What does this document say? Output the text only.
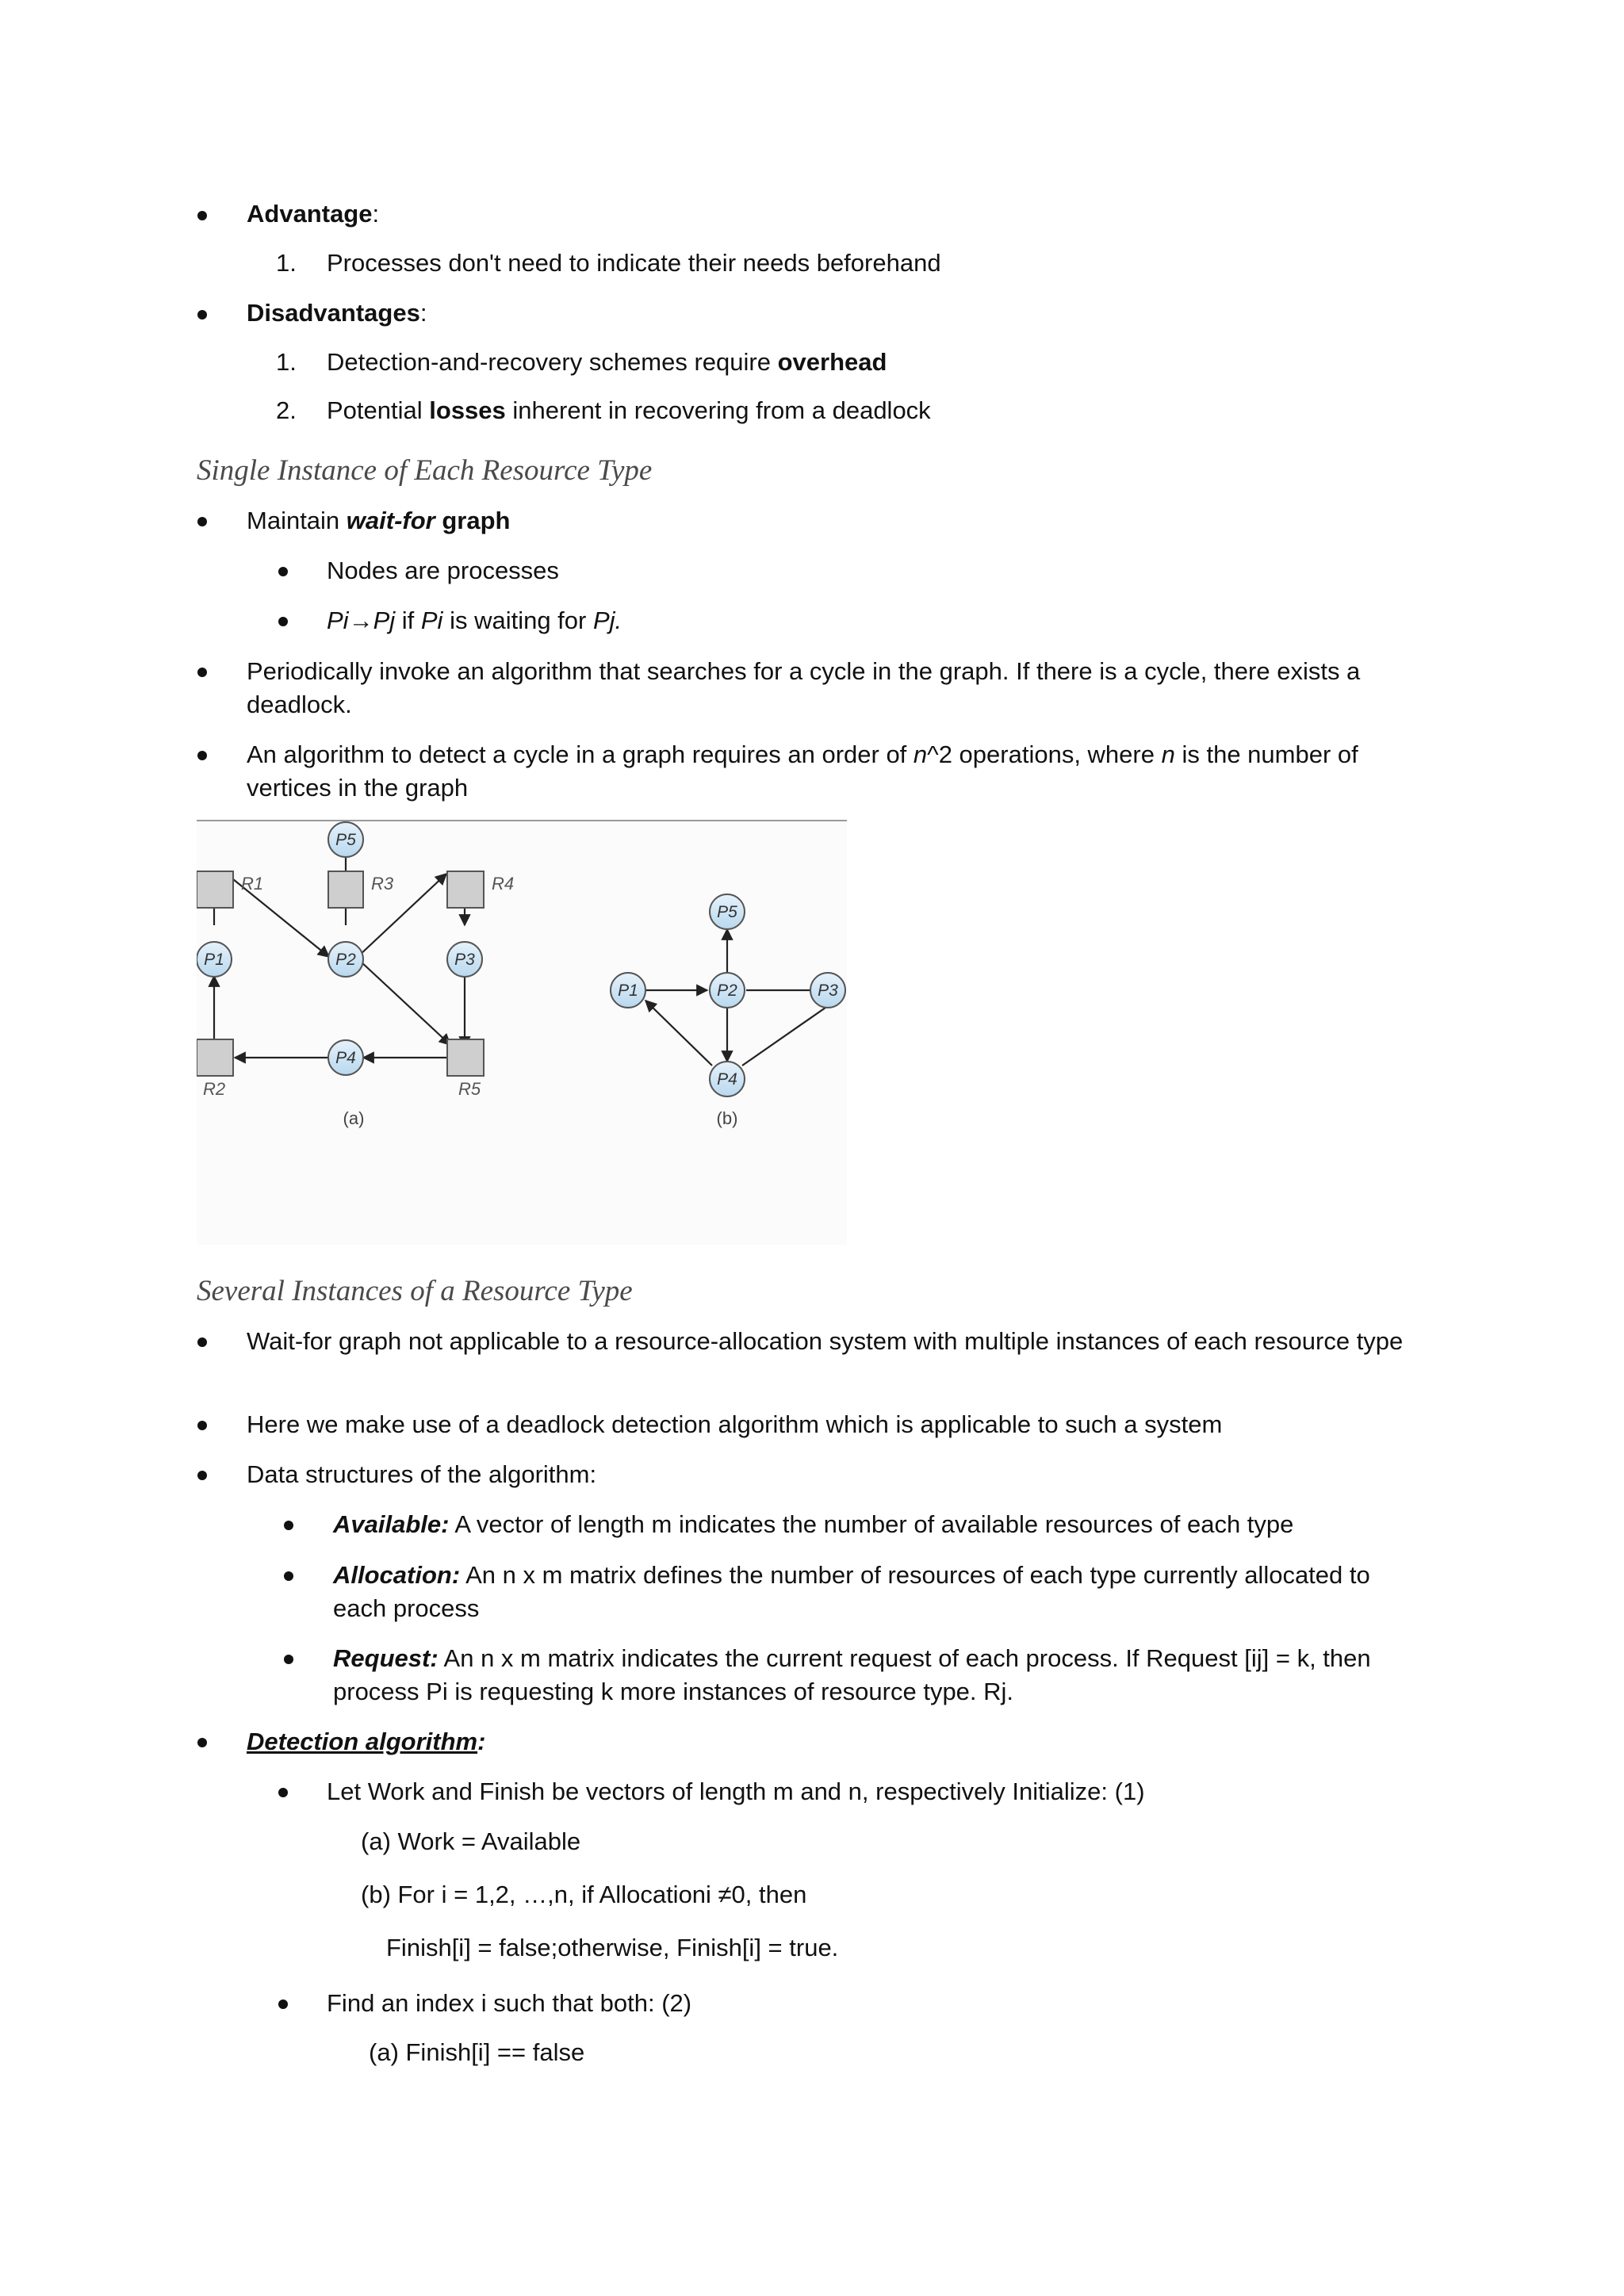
Advantage:
1. Processes don't need to indicate their needs beforehand
Disadvantages:
1. Detection-and-recovery schemes require overhead
2. Potential losses inherent in recovering from a deadlock
Single Instance of Each Resource Type
Maintain wait-for graph
Nodes are processes
Pi→Pj if Pi is waiting for Pj.
Periodically invoke an algorithm that searches for a cycle in the graph. If there is a cycle, there exists a deadlock.
An algorithm to detect a cycle in a graph requires an order of n^2 operations, where n is the number of vertices in the graph
R1	R3	R4
R2	R5
P5
P1	P2	P3
P4
(a)
P5
P1	P2	P3
P4
(b)
Several Instances of a Resource Type
Wait-for graph not applicable to a resource-allocation system with multiple instances of each resource type
Here we make use of a deadlock detection algorithm which is applicable to such a system
Data structures of the algorithm:
Available: A vector of length m indicates the number of available resources of each type
Allocation: An n x m matrix defines the number of resources of each type currently allocated to each process
Request: An n x m matrix indicates the current request of each process. If Request [ij] = k, then process Pi is requesting k more instances of resource type. Rj.
Detection algorithm:
Let Work and Finish be vectors of length m and n, respectively Initialize: (1)
(a) Work = Available
(b) For i = 1,2, …,n, if Allocationi ≠0, then
Finish[i] = false;otherwise, Finish[i] = true.
Find an index i such that both: (2)
(a) Finish[i] == false
